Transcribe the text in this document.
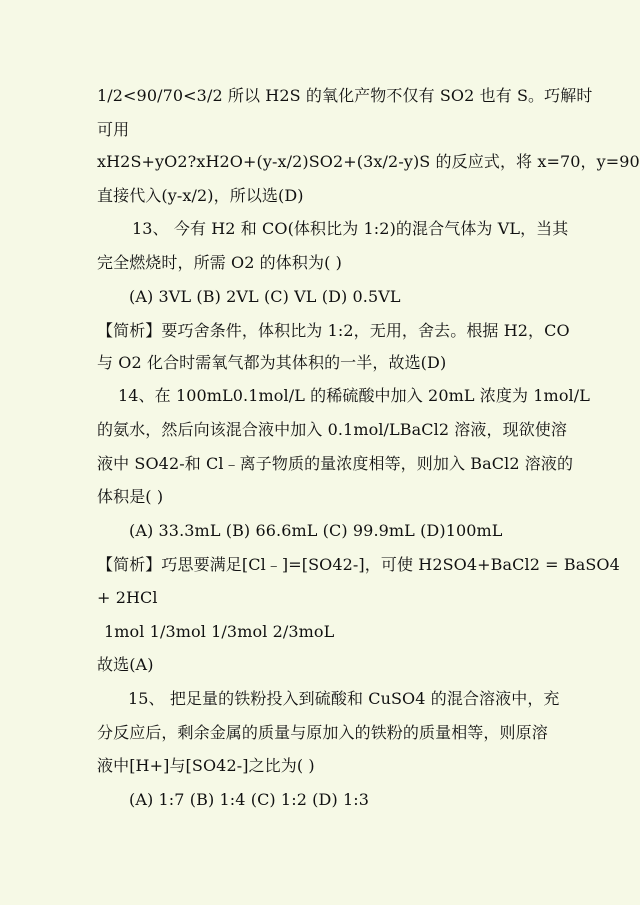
1/2<90/70<3/2 所以 H2S 的氧化产物不仅有 SO2 也有 S。巧解时
可用
xH2S+yO2?xH2O+(y-x/2)SO2+(3x/2-y)S 的反应式，将 x=70，y=90
直接代入(y-x/2)，所以选(D)
13、 今有 H2 和 CO(体积比为 1:2)的混合气体为 VL，当其
完全燃烧时，所需 O2 的体积为( )
(A) 3VL (B) 2VL (C) VL (D) 0.5VL
【简析】要巧舍条件，体积比为 1:2，无用，舍去。根据 H2，CO
与 O2 化合时需氧气都为其体积的一半，故选(D)
14、在 100mL0.1mol/L 的稀硫酸中加入 20mL 浓度为 1mol/L
的氨水，然后向该混合液中加入 0.1mol/LBaCl2 溶液，现欲使溶
液中 SO42-和 Cl﹣离子物质的量浓度相等，则加入 BaCl2 溶液的
体积是( )
(A) 33.3mL (B) 66.6mL (C) 99.9mL (D)100mL
【简析】巧思要满足[Cl﹣]=[SO42-]，可使 H2SO4+BaCl2 = BaSO4
+ 2HCl
1mol 1/3mol 1/3mol 2/3moL
故选(A)
15、 把足量的铁粉投入到硫酸和 CuSO4 的混合溶液中，充
分反应后，剩余金属的质量与原加入的铁粉的质量相等，则原溶
液中[H+]与[SO42-]之比为( )
(A) 1:7 (B) 1:4 (C) 1:2 (D) 1:3
